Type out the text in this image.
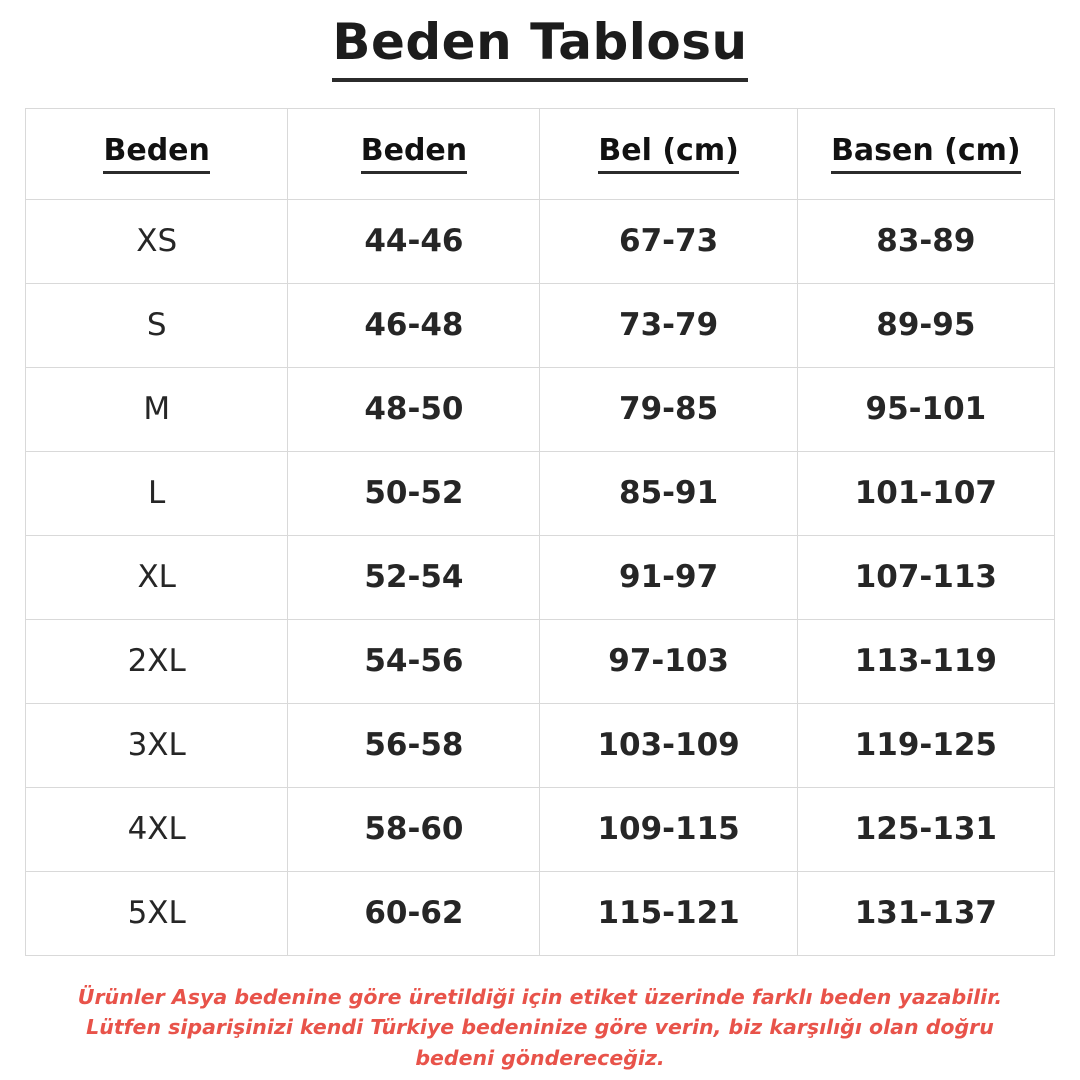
Beden Tablosu
Beden	Beden	Bel (cm)	Basen (cm)
XS	44-46	67-73	83-89
S	46-48	73-79	89-95
M	48-50	79-85	95-101
L	50-52	85-91	101-107
XL	52-54	91-97	107-113
2XL	54-56	97-103	113-119
3XL	56-58	103-109	119-125
4XL	58-60	109-115	125-131
5XL	60-62	115-121	131-137

Ürünler Asya bedenine göre üretildiği için etiket üzerinde farklı beden yazabilir. Lütfen siparişinizi kendi Türkiye bedeninize göre verin, biz karşılığı olan doğru bedeni göndereceğiz.
